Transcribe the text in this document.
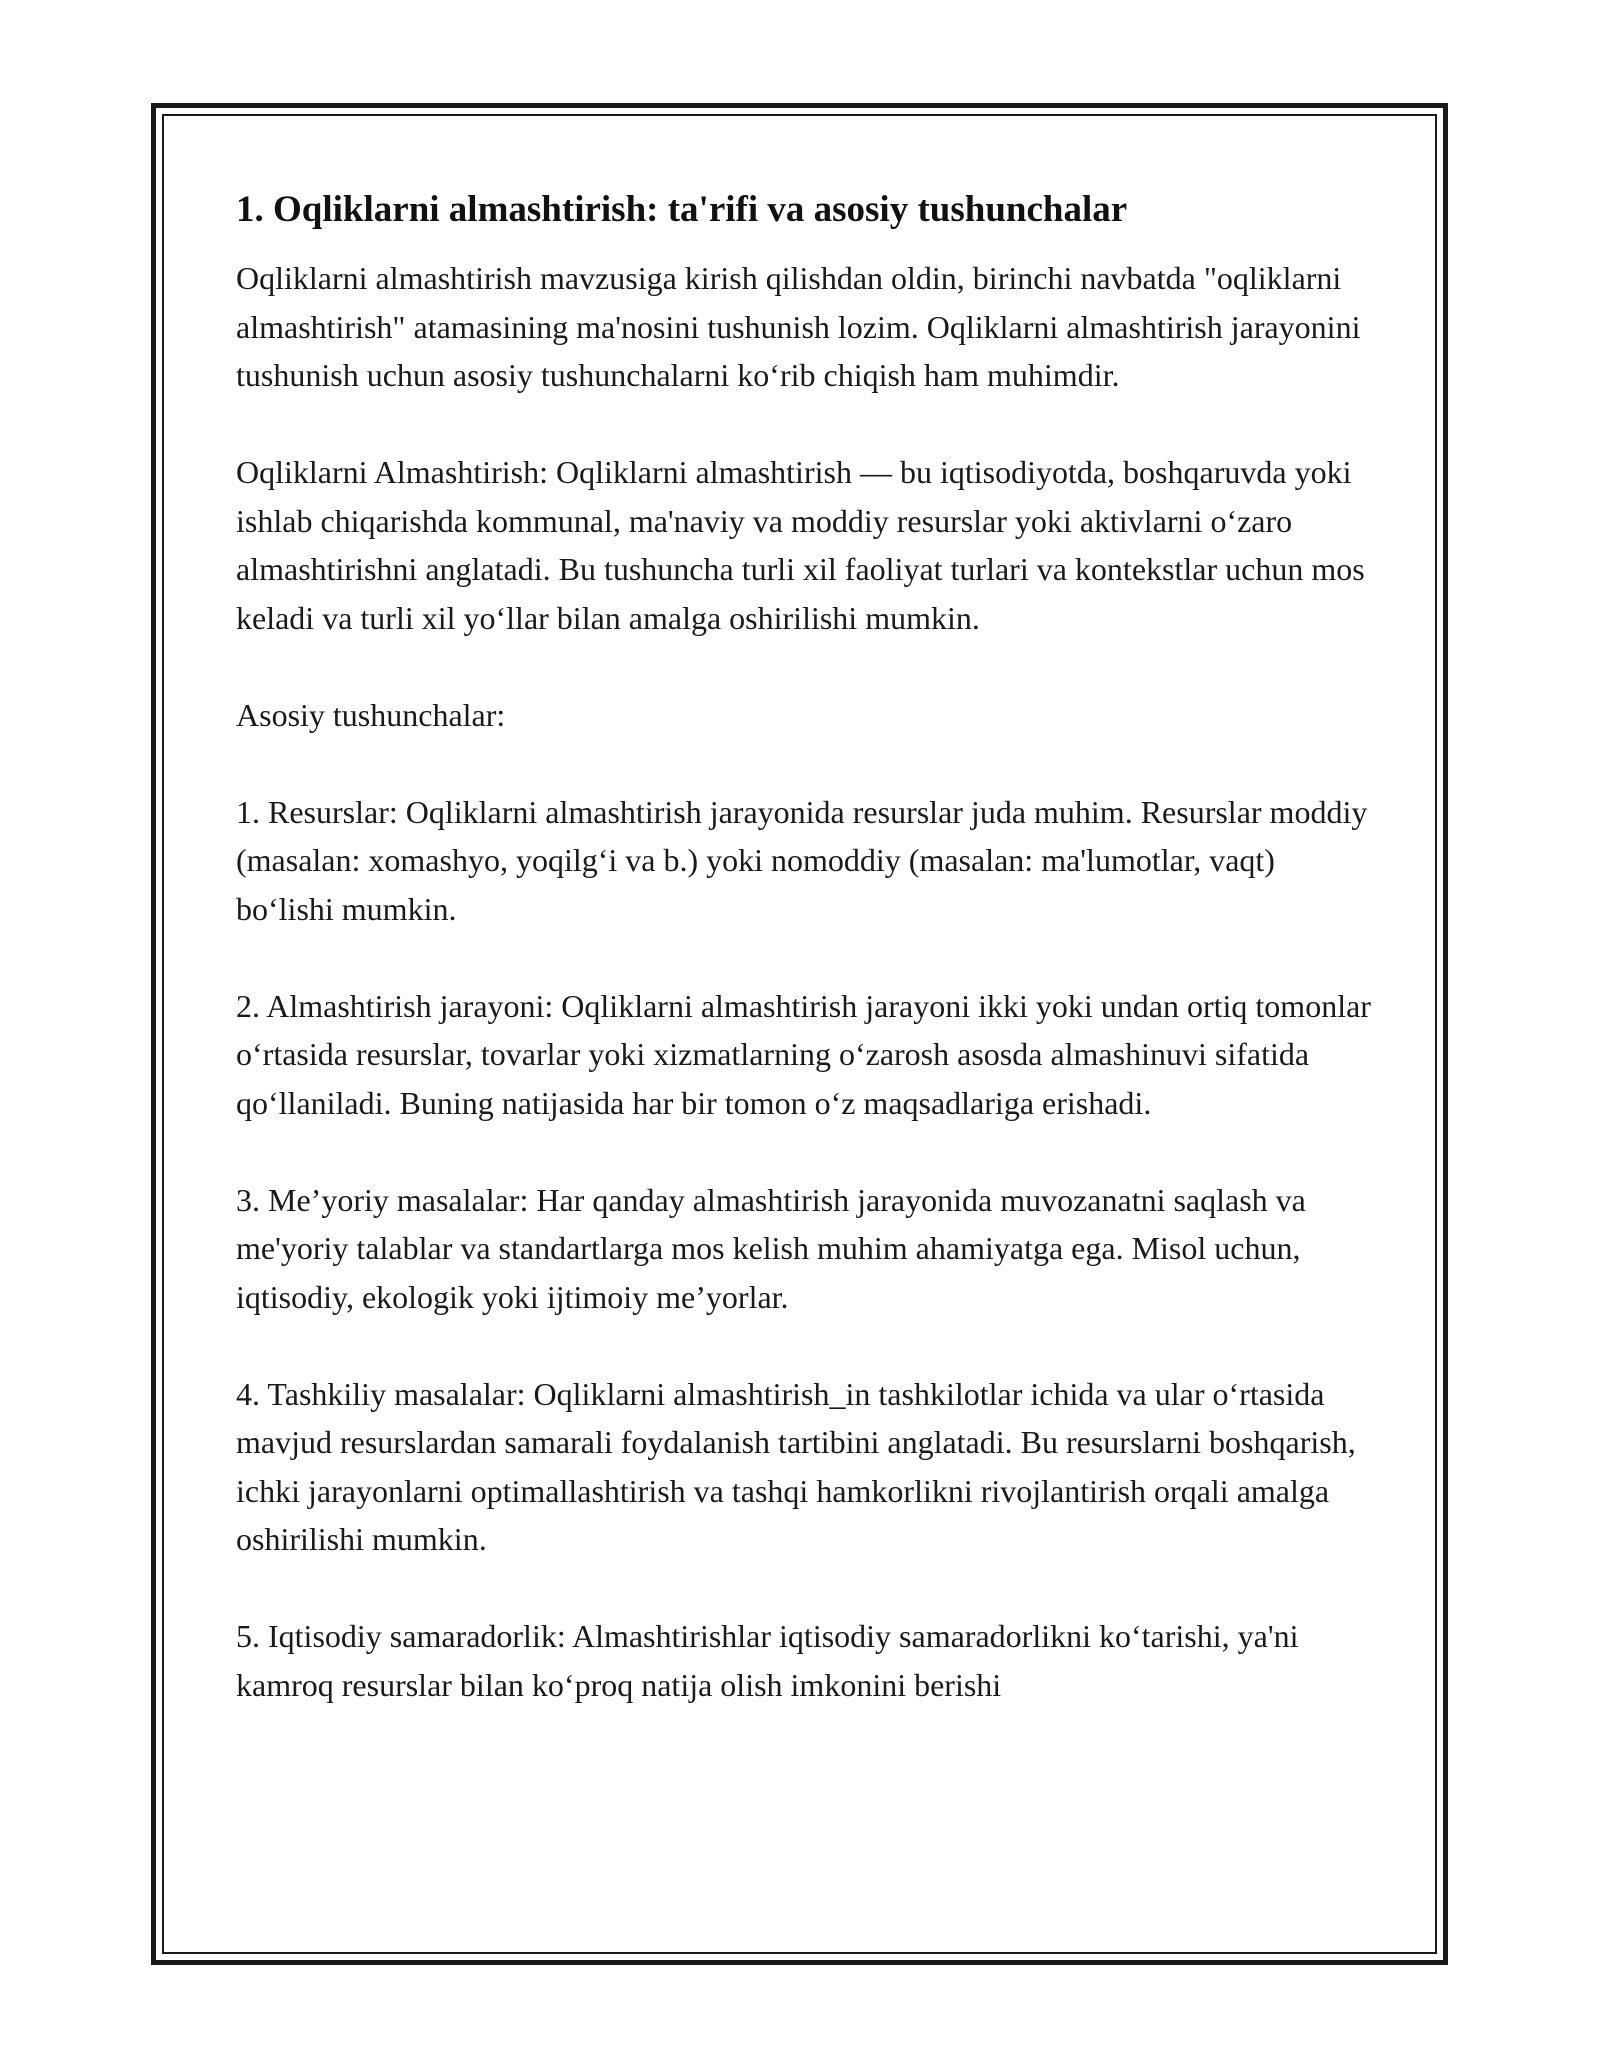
1. Oqliklarni almashtirish: ta'rifi va asosiy tushunchalar

Oqliklarni almashtirish mavzusiga kirish qilishdan oldin, birinchi navbatda "oqliklarni almashtirish" atamasining ma'nosini tushunish lozim. Oqliklarni almashtirish jarayonini tushunish uchun asosiy tushunchalarni ko‘rib chiqish ham muhimdir.

Oqliklarni Almashtirish: Oqliklarni almashtirish — bu iqtisodiyotda, boshqaruvda yoki ishlab chiqarishda kommunal, ma'naviy va moddiy resurslar yoki aktivlarni o‘zaro almashtirishni anglatadi. Bu tushuncha turli xil faoliyat turlari va kontekstlar uchun mos keladi va turli xil yo‘llar bilan amalga oshirilishi mumkin.

Asosiy tushunchalar:

1. Resurslar: Oqliklarni almashtirish jarayonida resurslar juda muhim. Resurslar moddiy (masalan: xomashyo, yoqilg‘i va b.) yoki nomoddiy (masalan: ma'lumotlar, vaqt) bo‘lishi mumkin.

2. Almashtirish jarayoni: Oqliklarni almashtirish jarayoni ikki yoki undan ortiq tomonlar o‘rtasida resurslar, tovarlar yoki xizmatlarning o‘zarosh asosda almashinuvi sifatida qo‘llaniladi. Buning natijasida har bir tomon o‘z maqsadlariga erishadi.

3. Me’yoriy masalalar: Har qanday almashtirish jarayonida muvozanatni saqlash va me'yoriy talablar va standartlarga mos kelish muhim ahamiyatga ega. Misol uchun, iqtisodiy, ekologik yoki ijtimoiy me’yorlar.

4. Tashkiliy masalalar: Oqliklarni almashtirish_in tashkilotlar ichida va ular o‘rtasida mavjud resurslardan samarali foydalanish tartibini anglatadi. Bu resurslarni boshqarish, ichki jarayonlarni optimallashtirish va tashqi hamkorlikni rivojlantirish orqali amalga oshirilishi mumkin.

5. Iqtisodiy samaradorlik: Almashtirishlar iqtisodiy samaradorlikni ko‘tarishi, ya'ni kamroq resurslar bilan ko‘proq natija olish imkonini berishi
